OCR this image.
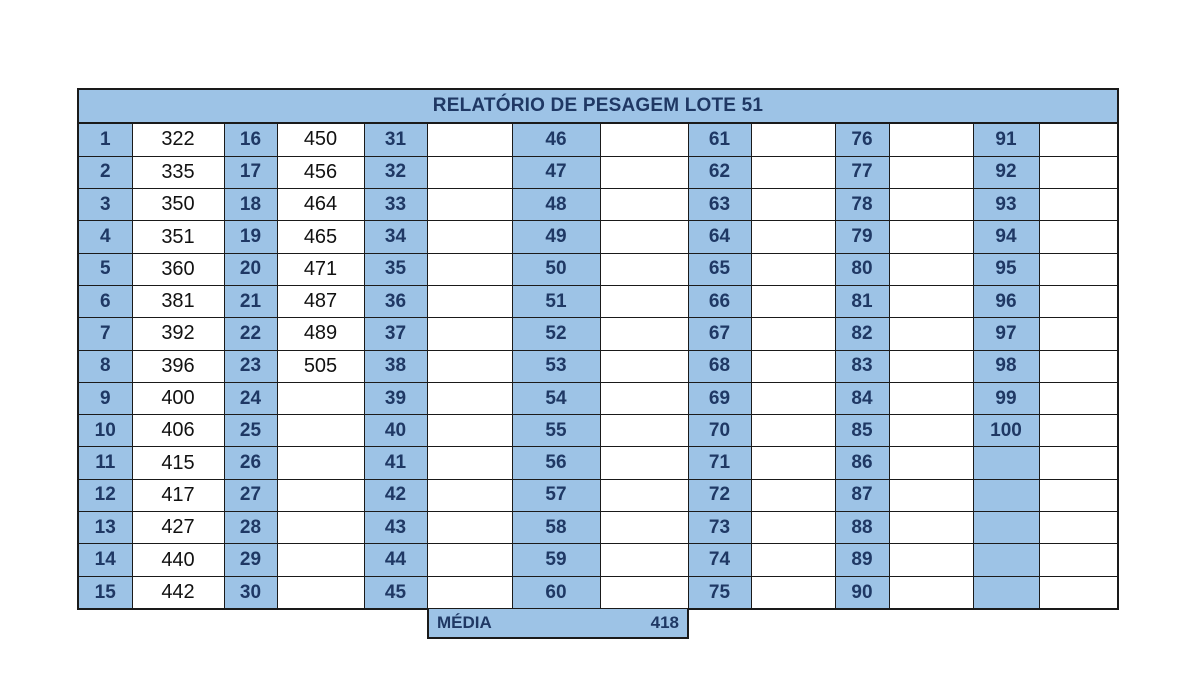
RELATÓRIO DE PESAGEM LOTE 51
1	322	16	450	31		46		61		76		91	
2	335	17	456	32		47		62		77		92	
3	350	18	464	33		48		63		78		93	
4	351	19	465	34		49		64		79		94	
5	360	20	471	35		50		65		80		95	
6	381	21	487	36		51		66		81		96	
7	392	22	489	37		52		67		82		97	
8	396	23	505	38		53		68		83		98	
9	400	24		39		54		69		84		99	
10	406	25		40		55		70		85		100	
11	415	26		41		56		71		86			
12	417	27		42		57		72		87			
13	427	28		43		58		73		88			
14	440	29		44		59		74		89			
15	442	30		45		60		75		90			
MÉDIA	418
